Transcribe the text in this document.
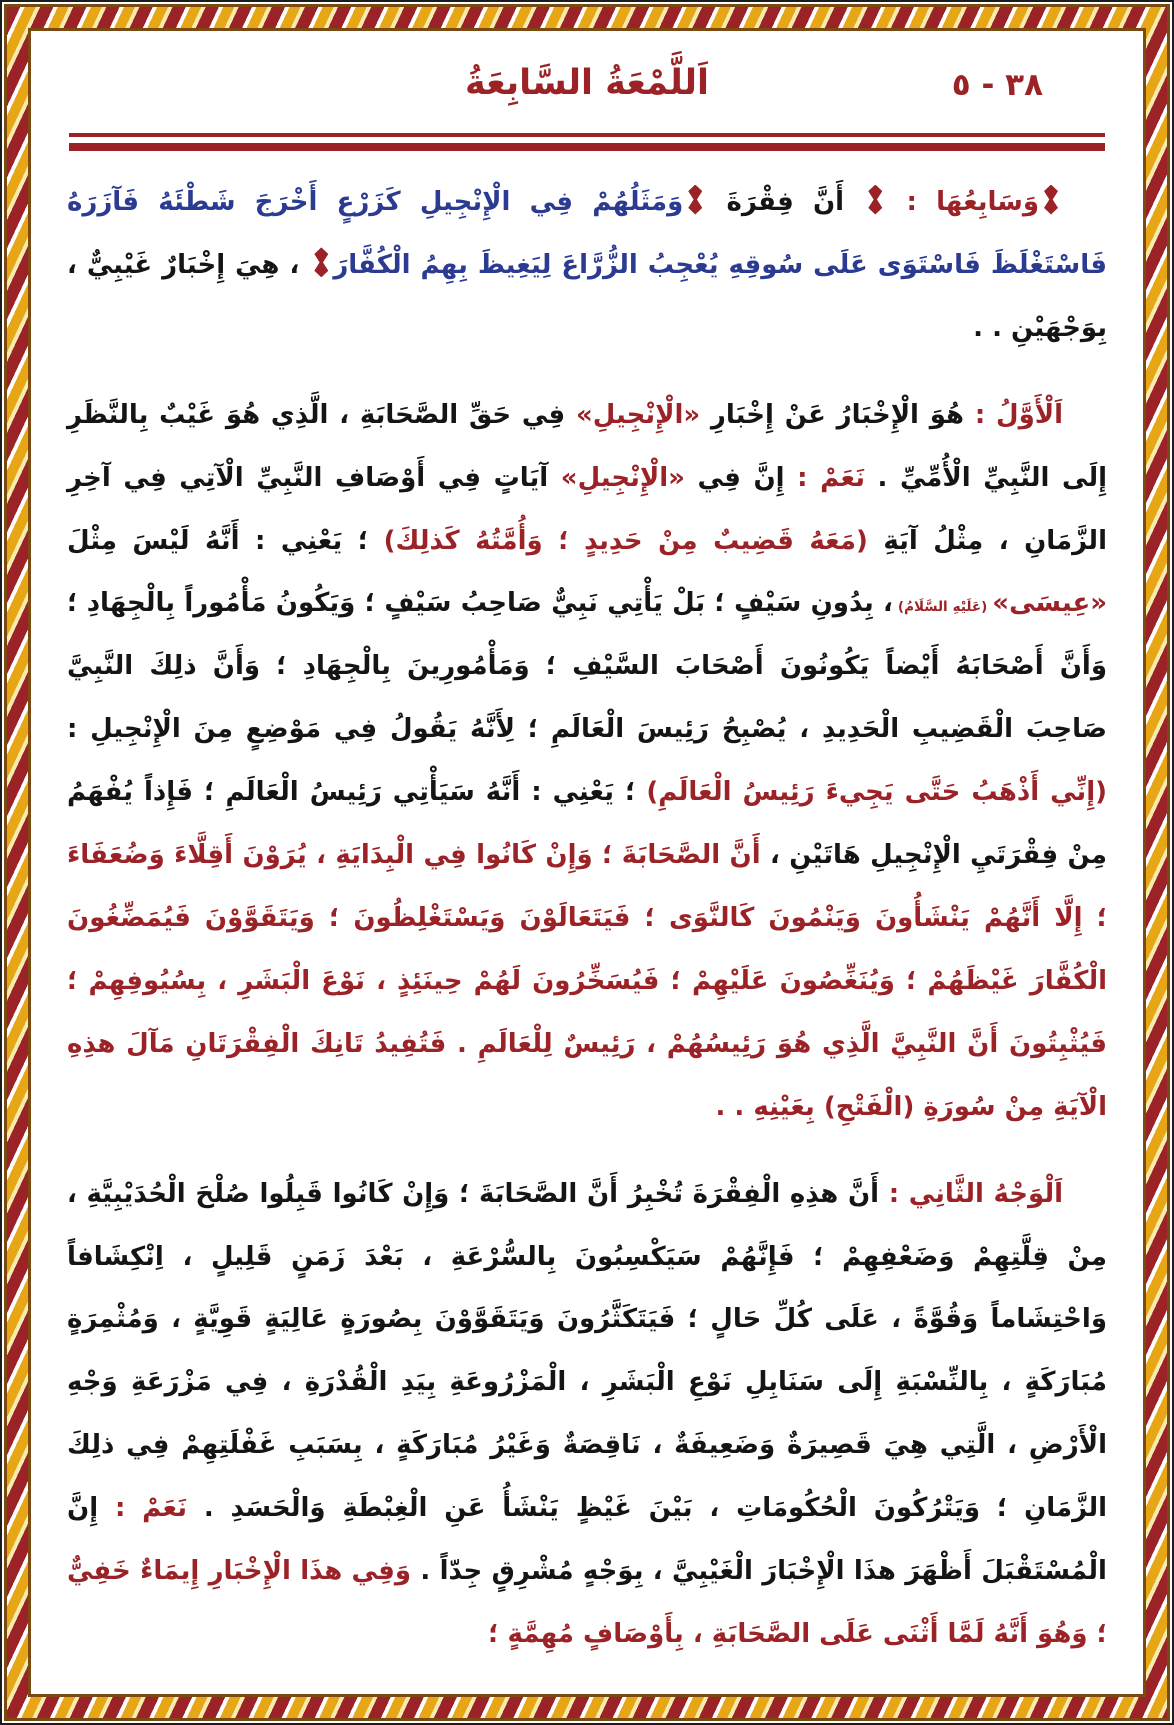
اَللَّمْعَةُ السَّابِعَةُ	٣٨ - ٥

وَسَابِعُهَا :  أَنَّ فِقْرَةَ وَمَثَلُهُمْ فِي الْإِنْجِيلِ كَزَرْعٍ أَخْرَجَ شَطْئَهُ فَآزَرَهُ فَاسْتَغْلَظَ فَاسْتَوَى عَلَى سُوقِهِ يُعْجِبُ الزُّرَّاعَ لِيَغِيظَ بِهِمُ الْكُفَّارَ ، هِيَ إِخْبَارٌ غَيْبِيٌّ ، بِوَجْهَيْنِ . .

اَلْأَوَّلُ : هُوَ الْإِخْبَارُ عَنْ إِخْبَارِ «الْإِنْجِيلِ» فِي حَقِّ الصَّحَابَةِ ، الَّذِي هُوَ غَيْبٌ بِالنَّظَرِ إِلَى النَّبِيِّ الْأُمِّيِّ . نَعَمْ : إِنَّ فِي «الْإِنْجِيلِ» آيَاتٍ فِي أَوْصَافِ النَّبِيِّ الْآتِي فِي آخِرِ الزَّمَانِ ، مِثْلُ آيَةِ (مَعَهُ قَضِيبٌ مِنْ حَدِيدٍ ؛ وَأُمَّتُهُ كَذلِكَ) ؛ يَعْنِي : أَنَّهُ لَيْسَ مِثْلَ «عِيسَى» (عَلَيْهِ السَّلَامُ) ، بِدُونِ سَيْفٍ ؛ بَلْ يَأْتِي نَبِيٌّ صَاحِبُ سَيْفٍ ؛ وَيَكُونُ مَأْمُوراً بِالْجِهَادِ ؛ وَأَنَّ أَصْحَابَهُ أَيْضاً يَكُونُونَ أَصْحَابَ السَّيْفِ ؛ وَمَأْمُورِينَ بِالْجِهَادِ ؛ وَأَنَّ ذلِكَ النَّبِيَّ صَاحِبَ الْقَضِيبِ الْحَدِيدِ ، يُصْبِحُ رَئِيسَ الْعَالَمِ ؛ لِأَنَّهُ يَقُولُ فِي مَوْضِعٍ مِنَ الْإِنْجِيلِ : (إِنِّي أَذْهَبُ حَتَّى يَجِيءَ رَئِيسُ الْعَالَمِ) ؛ يَعْنِي : أَنَّهُ سَيَأْتِي رَئِيسُ الْعَالَمِ ؛ فَإِذاً يُفْهَمُ مِنْ فِقْرَتَيِ الْإِنْجِيلِ هَاتَيْنِ ، أَنَّ الصَّحَابَةَ ؛ وَإِنْ كَانُوا فِي الْبِدَايَةِ ، يُرَوْنَ أَقِلَّاءَ وَضُعَفَاءَ ؛ إِلَّا أَنَّهُمْ يَنْشَأُونَ وَيَنْمُونَ كَالنَّوَى ؛ فَيَتَعَالَوْنَ وَيَسْتَغْلِظُونَ ؛ وَيَتَقَوَّوْنَ فَيُمَضِّغُونَ الْكُفَّارَ غَيْظَهُمْ ؛ وَيُنَغِّصُونَ عَلَيْهِمْ ؛ فَيُسَخِّرُونَ لَهُمْ حِينَئِذٍ ، نَوْعَ الْبَشَرِ ، بِسُيُوفِهِمْ ؛ فَيُثْبِتُونَ أَنَّ النَّبِيَّ الَّذِي هُوَ رَئِيسُهُمْ ، رَئِيسٌ لِلْعَالَمِ . فَتُفِيدُ تَانِكَ الْفِقْرَتَانِ مَآلَ هذِهِ الْآيَةِ مِنْ سُورَةِ (الْفَتْحِ) بِعَيْنِهِ . .

اَلْوَجْهُ الثَّانِي : أَنَّ هذِهِ الْفِقْرَةَ تُخْبِرُ أَنَّ الصَّحَابَةَ ؛ وَإِنْ كَانُوا قَبِلُوا صُلْحَ الْحُدَيْبِيَّةِ ، مِنْ قِلَّتِهِمْ وَضَعْفِهِمْ ؛ فَإِنَّهُمْ سَيَكْسِبُونَ بِالسُّرْعَةِ ، بَعْدَ زَمَنٍ قَلِيلٍ ، اِنْكِشَافاً وَاحْتِشَاماً وَقُوَّةً ، عَلَى كُلِّ حَالٍ ؛ فَيَتَكَثَّرُونَ وَيَتَقَوَّوْنَ بِصُورَةٍ عَالِيَةٍ قَوِيَّةٍ ، وَمُثْمِرَةٍ مُبَارَكَةٍ ، بِالنِّسْبَةِ إِلَى سَنَابِلِ نَوْعِ الْبَشَرِ ، الْمَزْرُوعَةِ بِيَدِ الْقُدْرَةِ ، فِي مَزْرَعَةِ وَجْهِ الْأَرْضِ ، الَّتِي هِيَ قَصِيرَةٌ وَضَعِيفَةٌ ، نَاقِصَةٌ وَغَيْرُ مُبَارَكَةٍ ، بِسَبَبِ غَفْلَتِهِمْ فِي ذلِكَ الزَّمَانِ ؛ وَيَتْرُكُونَ الْحُكُومَاتِ ، بَيْنَ غَيْظٍ يَنْشَأُ عَنِ الْغِبْطَةِ وَالْحَسَدِ . نَعَمْ : إِنَّ الْمُسْتَقْبَلَ أَظْهَرَ هذَا الْإِخْبَارَ الْغَيْبِيَّ ، بِوَجْهٍ مُشْرِقٍ جِدّاً . وَفِي هذَا الْإِخْبَارِ إِيمَاءٌ خَفِيٌّ ؛ وَهُوَ أَنَّهُ لَمَّا أَثْنَى عَلَى الصَّحَابَةِ ، بِأَوْصَافٍ مُهِمَّةٍ ؛
